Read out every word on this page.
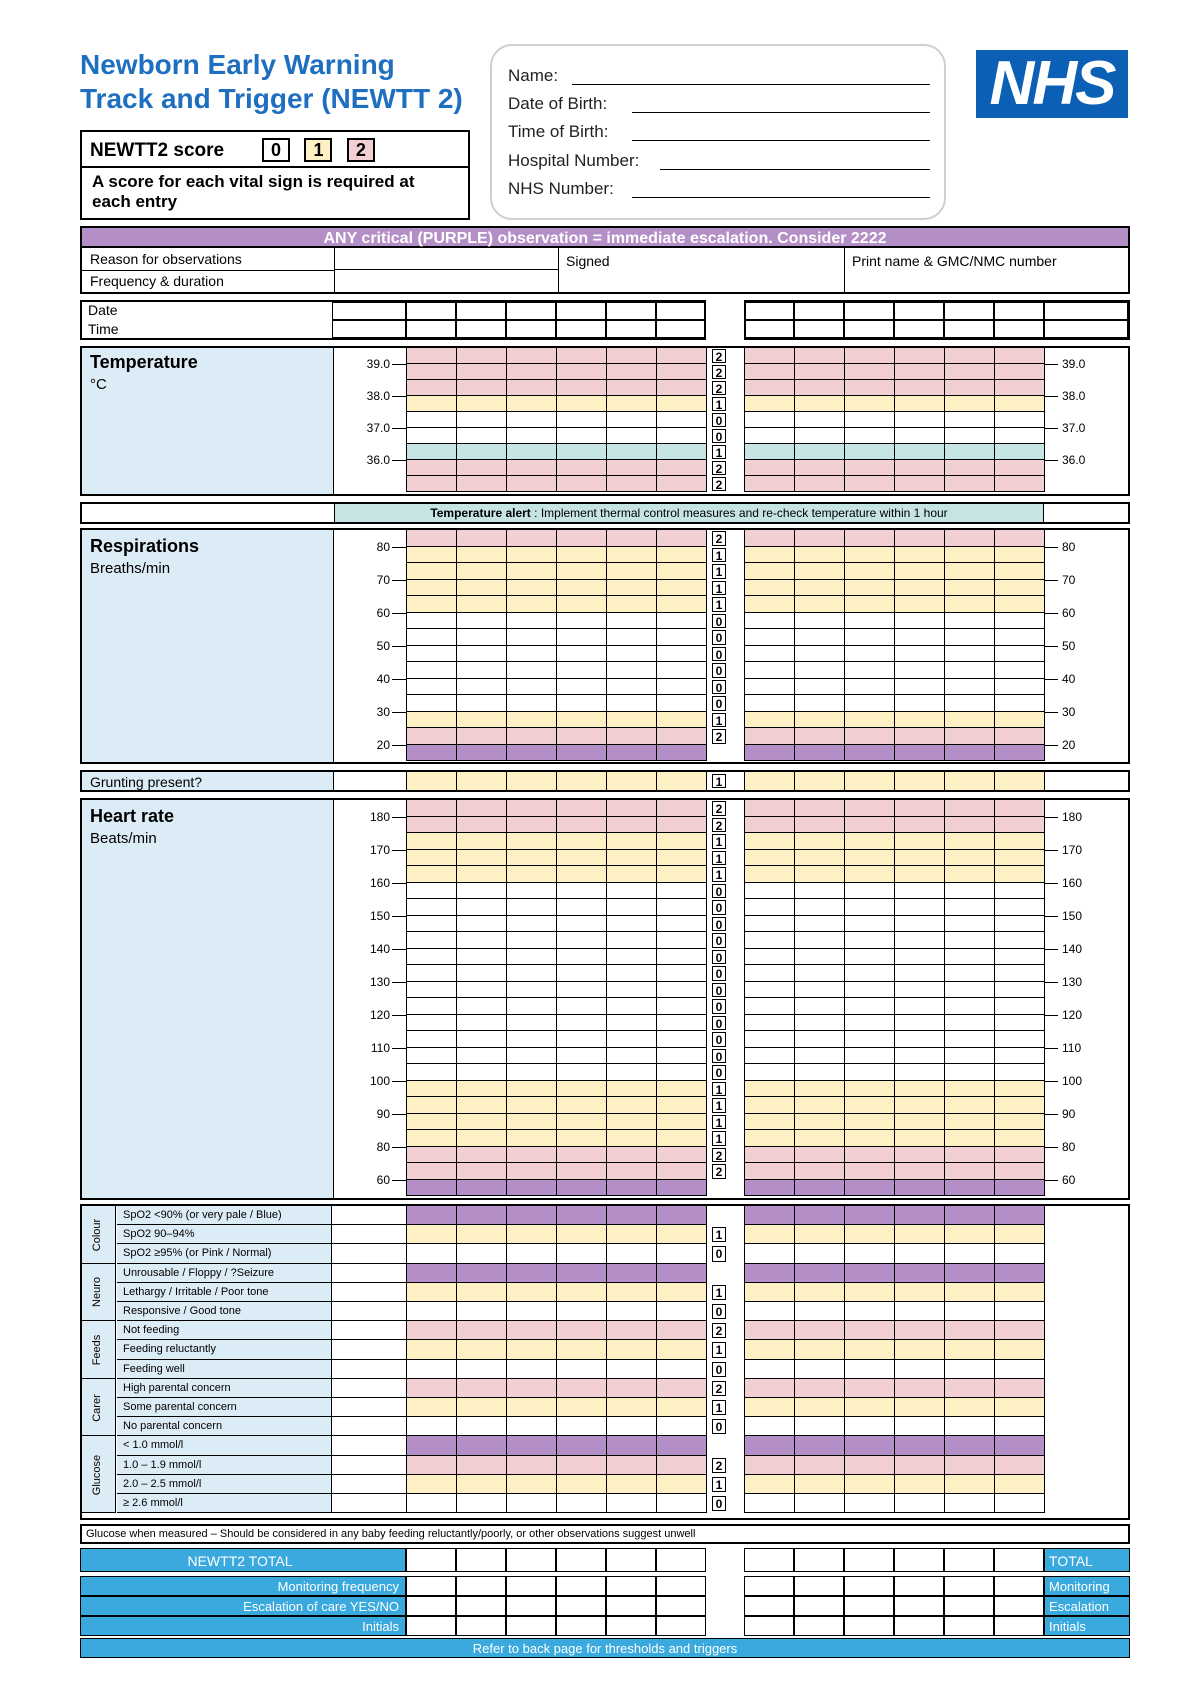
Newborn Early Warning
Track and Trigger (NEWTT 2)
NEWTT2 score	0 1 2
A score for each vital sign is required at each entry
Name:
Date of Birth:
Time of Birth:
Hospital Number:
NHS Number:
NHS
ANY critical (PURPLE) observation = immediate escalation. Consider 2222
Reason for observations
Frequency & duration
Signed	Print name & GMC/NMC number
Date
Time
Temperature
°C
Temperature alert : Implement thermal control measures and re-check temperature within 1 hour
Respirations
Breaths/min
Grunting present?
Heart rate
Beats/min
Glucose when measured – Should be considered in any baby feeding reluctantly/poorly, or other observations suggest unwell
2
2
2
1
0
0
1
2
2
39.0	39.0
38.0	38.0
37.0	37.0
36.0	36.0
2
1
1
1
1
0
0
0
0
0
0
1
2
80	80
70	70
60	60
50	50
40	40
30	30
20	20
1
2
2
1
1
1
0
0
0
0
0
0
0
0
0
0
0
0
1
1
1
1
2
2
180	180
170	170
160	160
150	150
140	140
130	130
120	120
110	110
100	100
90	90
80	80
60	60
Colour
SpO2 <90% (or very pale / Blue)
SpO2 90–94%	1
SpO2 ≥95% (or Pink / Normal)	0
Neuro
Unrousable / Floppy / ?Seizure
Lethargy / Irritable / Poor tone	1
Responsive / Good tone	0
Feeds
Not feeding	2
Feeding reluctantly	1
Feeding well	0
Carer
High parental concern	2
Some parental concern	1
No parental concern	0
Glucose
< 1.0 mmol/l
1.0 – 1.9 mmol/l	2
2.0 – 2.5 mmol/l	1
≥ 2.6 mmol/l	0
NEWTT2 TOTAL	TOTAL
Monitoring frequency	Monitoring
Escalation of care YES/NO	Escalation
Initials	Initials
Refer to back page for thresholds and triggers
